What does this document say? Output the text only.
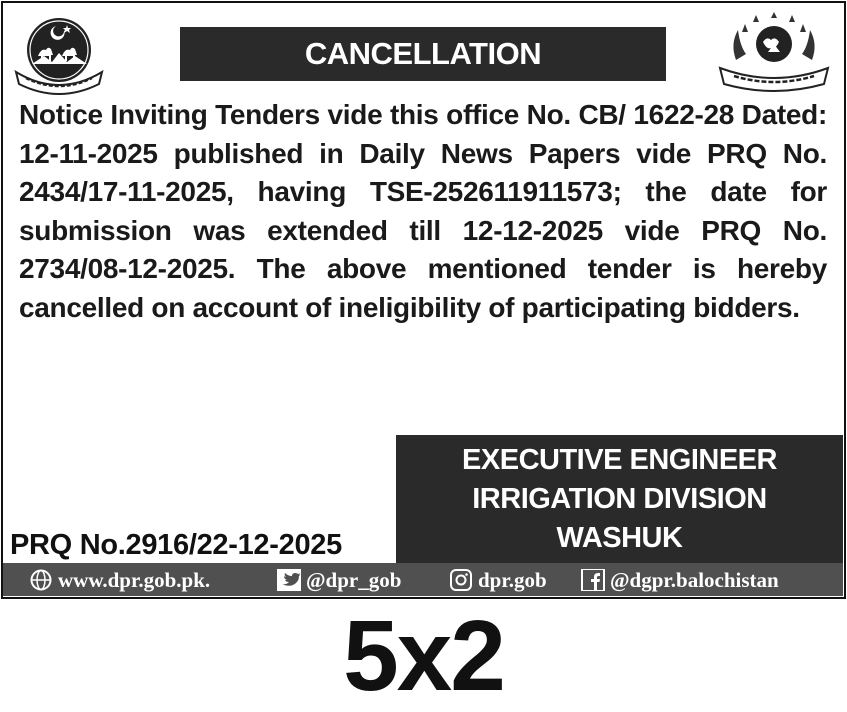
CANCELLATION

Notice Inviting Tenders vide this office No. CB/ 1622-28 Dated: 12-11-2025 published in Daily News Papers vide PRQ No. 2434/17-11-2025, having TSE-252611911573; the date for submission was extended till 12-12-2025 vide PRQ No. 2734/08-12-2025. The above mentioned tender is hereby cancelled on account of ineligibility of participating bidders.

EXECUTIVE ENGINEER
IRRIGATION DIVISION
WASHUK
PRQ No.2916/22-12-2025
www.dpr.gob.pk.	@dpr_gob	dpr.gob	@dgpr.balochistan
5x2
